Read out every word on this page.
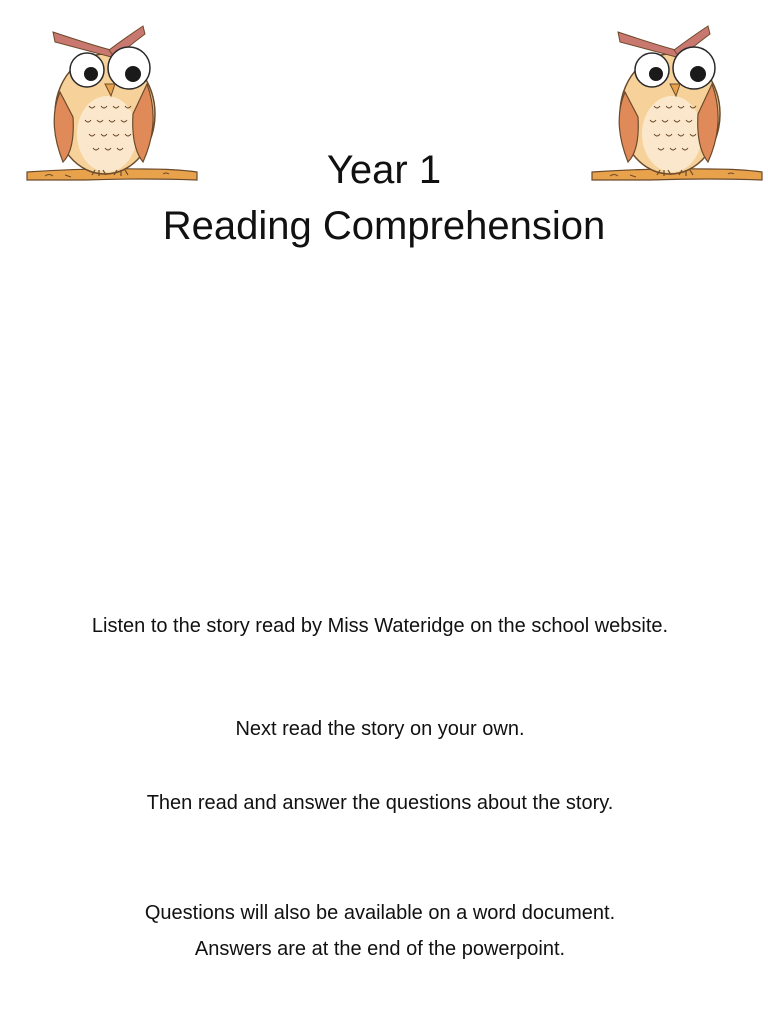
Year 1
Reading Comprehension
Listen to the story read by Miss Wateridge on the school website.
Next read the story on your own.
Then read and answer the questions about the story.
Questions will also be available on a word document.
Answers are at the end of the powerpoint.
